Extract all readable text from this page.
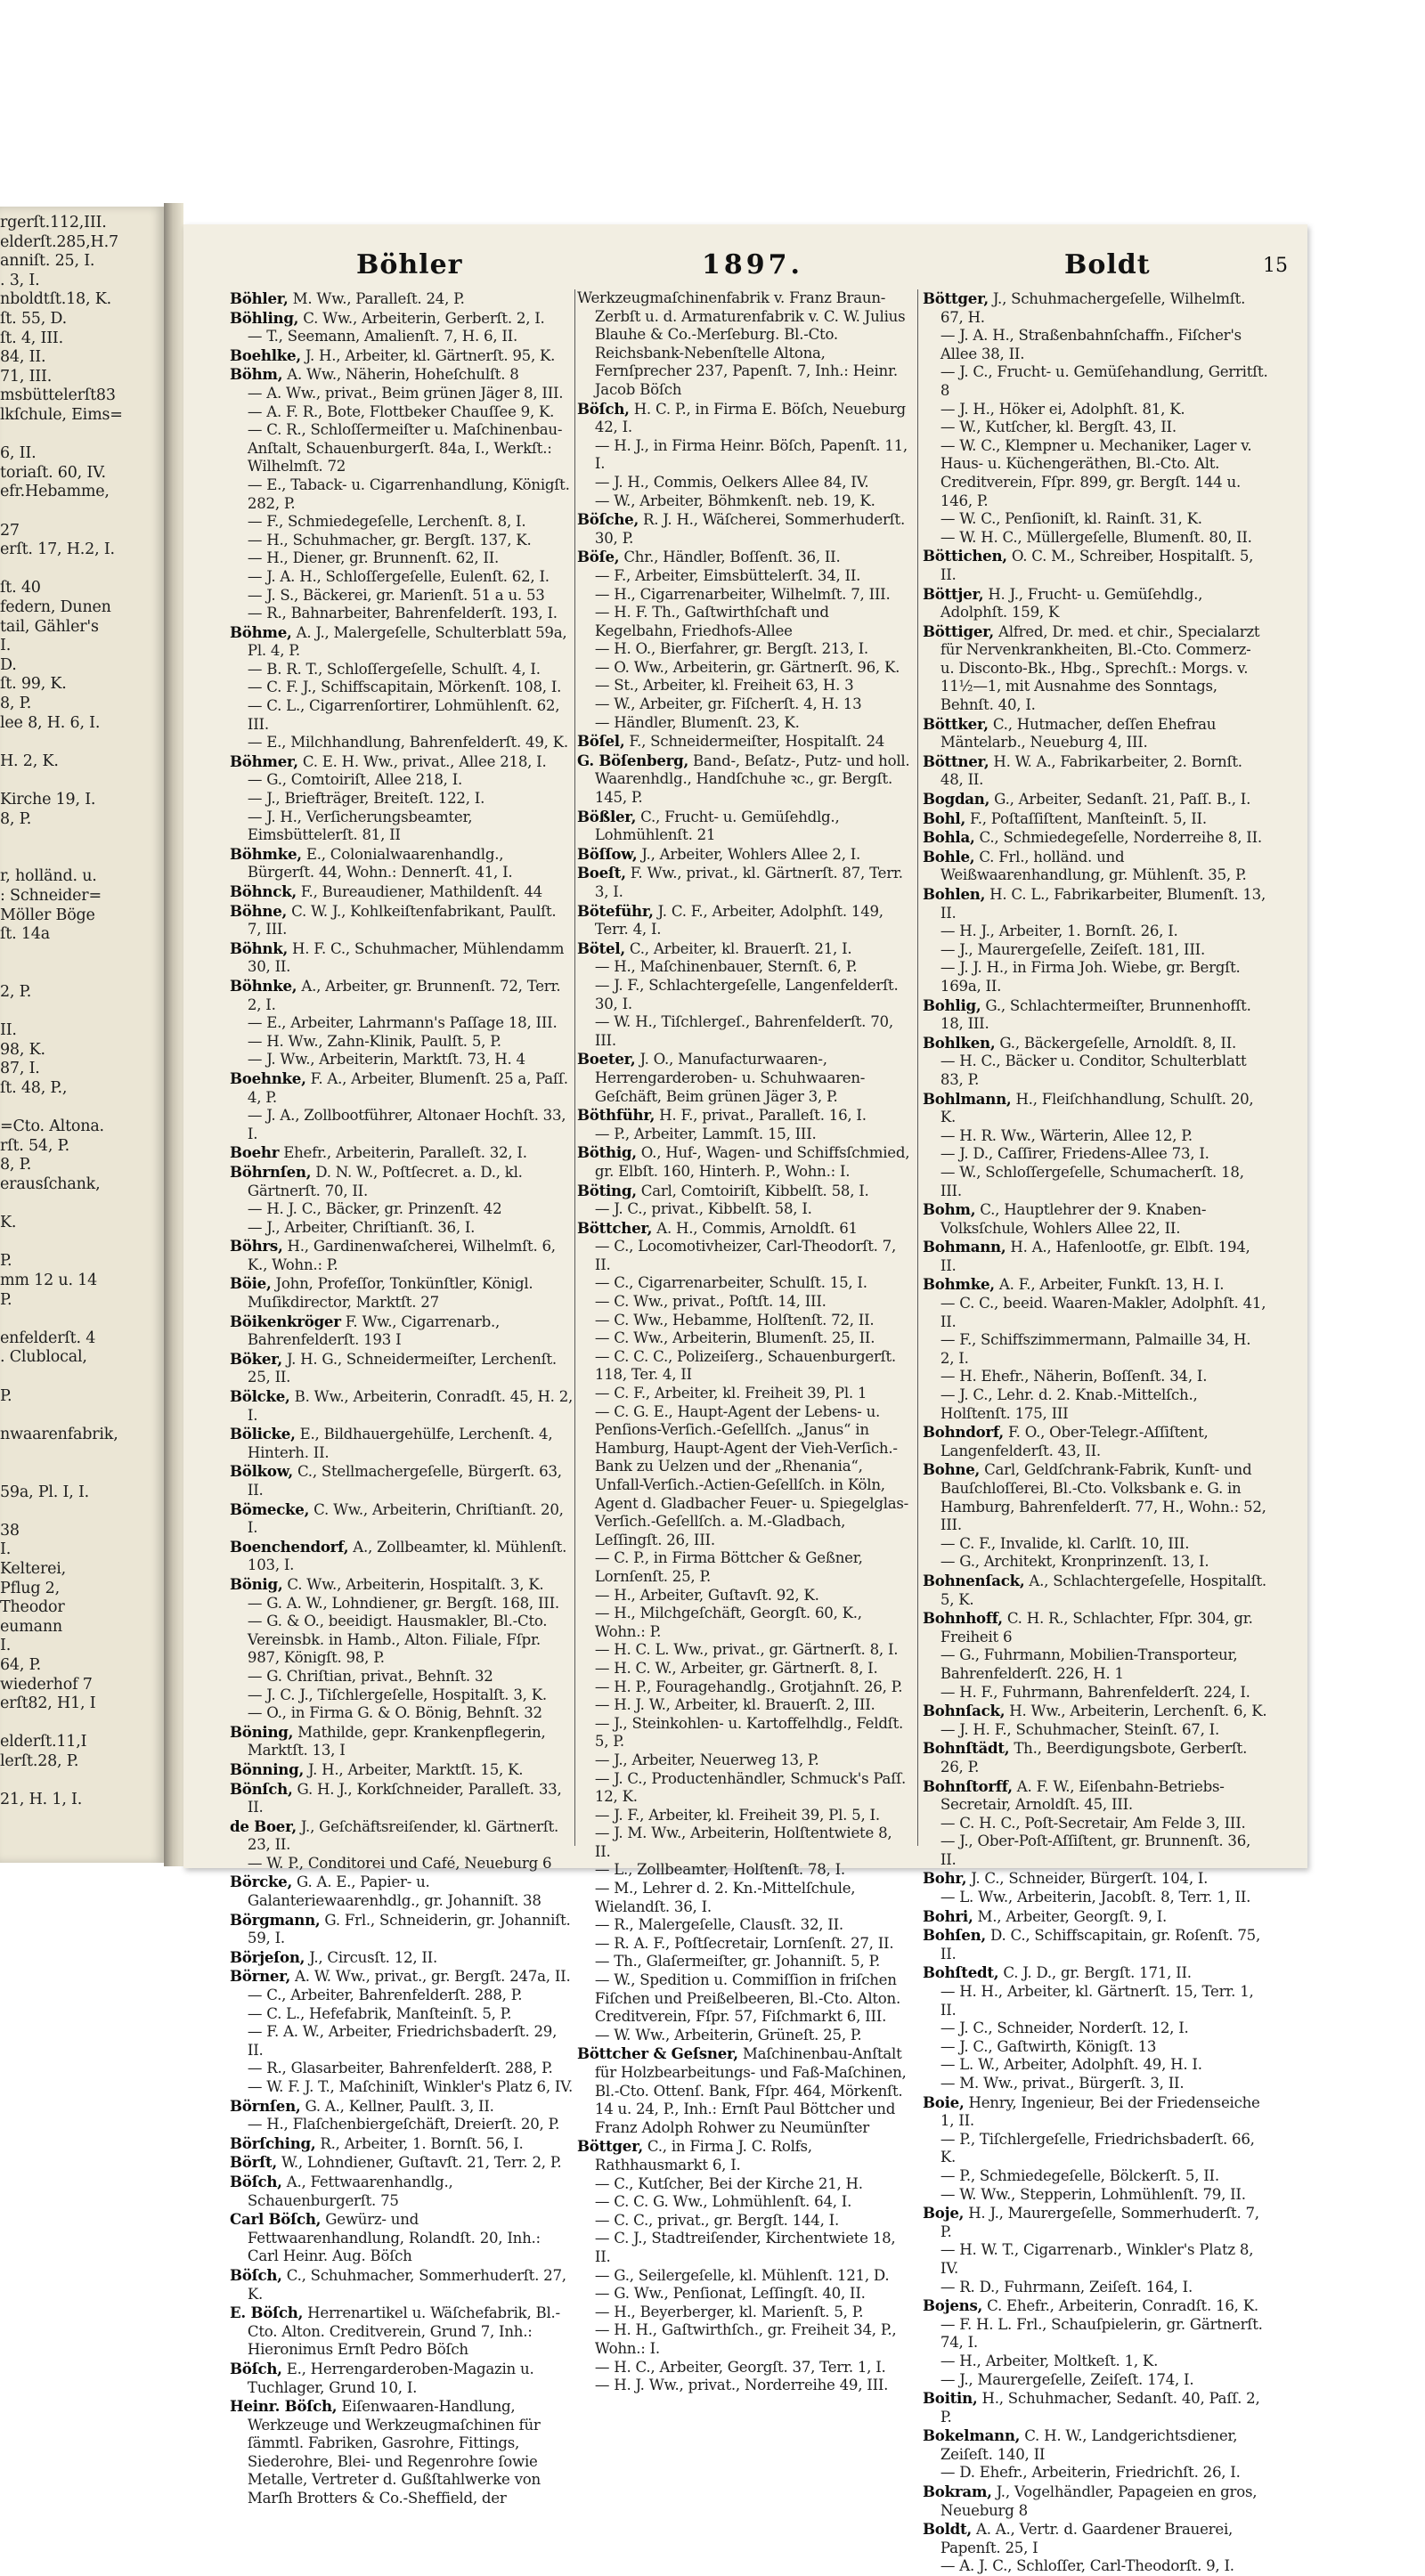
rgerſt.112,III.
elderſt.285,H.7
anniſt. 25, I.
. 3, I.
nboldtſt.18, K.
ſt. 55, D.
ſt. 4, III.
84, II.
71, III.
msbüttelerſt83
lkſchule, Eims=
6, II.
toriaſt. 60, IV.
efr.Hebamme,
27
erſt. 17, H.2, I.
ſt. 40
federn, Dunen
tail, Gähler's
I.
D.
ſt. 99, K.
8, P.
lee 8, H. 6, I.
H. 2, K.
Kirche 19, I.
8, P.
r, holländ. u.
: Schneider=
Möller Böge
ſt. 14a
2, P.
II.
98, K.
87, I.
ſt. 48, P.,
=Cto. Altona.
rſt. 54, P.
8, P.
erausſchank,
K.
P.
mm 12 u. 14
P.
enfelderſt. 4
. Clublocal,
P.
nwaarenfabrik,
59a, Pl. I, I.
38
I.
Kelterei,
Pflug 2,
Theodor
eumann
I.
64, P.
wiederhof 7
erſt82, H1, I
elderſt.11,I
lerſt.28, P.
21, H. 1, I.
Böhler	1897.	Boldt	15

Böhler, M. Ww., Paralleſt. 24, P.

Böhling, C. Ww., Arbeiterin, Gerberſt. 2, I.
— T., Seemann, Amalienſt. 7, H. 6, II.

Boehlke, J. H., Arbeiter, kl. Gärtnerſt. 95, K.

Böhm, A. Ww., Näherin, Hoheſchulſt. 8
— A. Ww., privat., Beim grünen Jäger 8, III.
— A. F. R., Bote, Flottbeker Chauſſee 9, K.
— C. R., Schloſſermeiſter u. Maſchinenbau-Anſtalt, Schauenburgerſt. 84a, I., Werkſt.: Wilhelmſt. 72
— E., Taback- u. Cigarrenhandlung, Königſt. 282, P.
— F., Schmiedegeſelle, Lerchenſt. 8, I.
— H., Schuhmacher, gr. Bergſt. 137, K.
— H., Diener, gr. Brunnenſt. 62, II.
— J. A. H., Schloſſergeſelle, Eulenſt. 62, I.
— J. S., Bäckerei, gr. Marienſt. 51 a u. 53
— R., Bahnarbeiter, Bahrenfelderſt. 193, I.

Böhme, A. J., Malergeſelle, Schulterblatt 59a, Pl. 4, P.
— B. R. T., Schloſſergeſelle, Schulſt. 4, I.
— C. F. J., Schiffscapitain, Mörkenſt. 108, I.
— C. L., Cigarrenſortirer, Lohmühlenſt. 62, III.
— E., Milchhandlung, Bahrenfelderſt. 49, K.

Böhmer, C. E. H. Ww., privat., Allee 218, I.
— G., Comtoiriſt, Allee 218, I.
— J., Briefträger, Breiteſt. 122, I.
— J. H., Verſicherungsbeamter, Eimsbüttelerſt. 81, II

Böhmke, E., Colonialwaarenhandlg., Bürgerſt. 44, Wohn.: Dennerſt. 41, I.

Böhnck, F., Bureaudiener, Mathildenſt. 44

Böhne, C. W. J., Kohlkeiſtenfabrikant, Paulſt. 7, III.

Böhnk, H. F. C., Schuhmacher, Mühlendamm 30, II.

Böhnke, A., Arbeiter, gr. Brunnenſt. 72, Terr. 2, I.
— E., Arbeiter, Lahrmann's Paſſage 18, III.
— H. Ww., Zahn-Klinik, Paulſt. 5, P.
— J. Ww., Arbeiterin, Marktſt. 73, H. 4

Boehnke, F. A., Arbeiter, Blumenſt. 25 a, Paſſ. 4, P.
— J. A., Zollbootführer, Altonaer Hochſt. 33, I.

Boehr Ehefr., Arbeiterin, Paralleſt. 32, I.

Böhrnſen, D. N. W., Poſtſecret. a. D., kl. Gärtnerſt. 70, II.
— H. J. C., Bäcker, gr. Prinzenſt. 42
— J., Arbeiter, Chriſtianſt. 36, I.

Böhrs, H., Gardinenwaſcherei, Wilhelmſt. 6, K., Wohn.: P.

Böie, John, Profeſſor, Tonkünſtler, Königl. Muſikdirector, Marktſt. 27

Böikenkröger F. Ww., Cigarrenarb., Bahrenfelderſt. 193 I

Böker, J. H. G., Schneidermeiſter, Lerchenſt. 25, II.

Bölcke, B. Ww., Arbeiterin, Conradſt. 45, H. 2, I.

Bölicke, E., Bildhauergehülfe, Lerchenſt. 4, Hinterh. II.

Bölkow, C., Stellmachergeſelle, Bürgerſt. 63, II.

Bömecke, C. Ww., Arbeiterin, Chriſtianſt. 20, I.

Boenchendorf, A., Zollbeamter, kl. Mühlenſt. 103, I.

Bönig, C. Ww., Arbeiterin, Hospitalſt. 3, K.
— G. A. W., Lohndiener, gr. Bergſt. 168, III.
— G. & O., beeidigt. Hausmakler, Bl.-Cto. Vereinsbk. in Hamb., Alton. Filiale, Fſpr. 987, Königſt. 98, P.
— G. Chriſtian, privat., Behnſt. 32
— J. C. J., Tiſchlergeſelle, Hospitalſt. 3, K.
— O., in Firma G. & O. Bönig, Behnſt. 32

Böning, Mathilde, gepr. Krankenpflegerin, Marktſt. 13, I

Bönning, J. H., Arbeiter, Marktſt. 15, K.

Bönſch, G. H. J., Korkſchneider, Paralleſt. 33, II.

de Boer, J., Geſchäftsreiſender, kl. Gärtnerſt. 23, II.
— W. P., Conditorei und Café, Neueburg 6

Börcke, G. A. E., Papier- u. Galanteriewaarenhdlg., gr. Johanniſt. 38

Börgmann, G. Frl., Schneiderin, gr. Johanniſt. 59, I.

Börjeſon, J., Circusſt. 12, II.

Börner, A. W. Ww., privat., gr. Bergſt. 247a, II.
— C., Arbeiter, Bahrenfelderſt. 288, P.
— C. L., Hefefabrik, Manſteinſt. 5, P.
— F. A. W., Arbeiter, Friedrichsbaderſt. 29, II.
— R., Glasarbeiter, Bahrenfelderſt. 288, P.
— W. F. J. T., Maſchiniſt, Winkler's Platz 6, IV.

Börnſen, G. A., Kellner, Paulſt. 3, II.
— H., Flaſchenbiergeſchäft, Dreierſt. 20, P.

Börſching, R., Arbeiter, 1. Bornſt. 56, I.

Börſt, W., Lohndiener, Guſtavſt. 21, Terr. 2, P.

Böſch, A., Fettwaarenhandlg., Schauenburgerſt. 75

Carl Böſch, Gewürz- und Fettwaarenhandlung, Rolandſt. 20, Inh.: Carl Heinr. Aug. Böſch

Böſch, C., Schuhmacher, Sommerhuderſt. 27, K.

E. Böſch, Herrenartikel u. Wäſchefabrik, Bl.-Cto. Alton. Creditverein, Grund 7, Inh.: Hieronimus Ernſt Pedro Böſch

Böſch, E., Herrengarderoben-Magazin u. Tuchlager, Grund 10, I.

Heinr. Böſch, Eiſenwaaren-Handlung, Werkzeuge und Werkzeugmaſchinen für ſämmtl. Fabriken, Gasrohre, Fittings, Siederohre, Blei- und Regenrohre ſowie Metalle, Vertreter d. Gußſtahlwerke von Marſh Brotters & Co.-Sheffield, der

Werkzeugmaſchinenfabrik v. Franz Braun-Zerbſt u. d. Armaturenfabrik v. C. W. Julius Blauhe & Co.-Merſeburg. Bl.-Cto. Reichsbank-Nebenſtelle Altona, Fernſprecher 237, Papenſt. 7, Inh.: Heinr. Jacob Böſch

Böſch, H. C. P., in Firma E. Böſch, Neueburg 42, I.
— H. J., in Firma Heinr. Böſch, Papenſt. 11, I.
— J. H., Commis, Oelkers Allee 84, IV.
— W., Arbeiter, Böhmkenſt. neb. 19, K.

Böſche, R. J. H., Wäſcherei, Sommerhuderſt. 30, P.

Böſe, Chr., Händler, Boſſenſt. 36, II.
— F., Arbeiter, Eimsbüttelerſt. 34, II.
— H., Cigarrenarbeiter, Wilhelmſt. 7, III.
— H. F. Th., Gaſtwirthſchaft und Kegelbahn, Friedhofs-Allee
— H. O., Bierfahrer, gr. Bergſt. 213, I.
— O. Ww., Arbeiterin, gr. Gärtnerſt. 96, K.
— St., Arbeiter, kl. Freiheit 63, H. 3
— W., Arbeiter, gr. Fiſcherſt. 4, H. 13
— Händler, Blumenſt. 23, K.

Böſel, F., Schneidermeiſter, Hospitalſt. 24

G. Böſenberg, Band-, Beſatz-, Putz- und holl. Waarenhdlg., Handſchuhe ꝛc., gr. Bergſt. 145, P.

Bößler, C., Frucht- u. Gemüſehdlg., Lohmühlenſt. 21

Böſſow, J., Arbeiter, Wohlers Allee 2, I.

Boeſt, F. Ww., privat., kl. Gärtnerſt. 87, Terr. 3, I.

Böteführ, J. C. F., Arbeiter, Adolphſt. 149, Terr. 4, I.

Bötel, C., Arbeiter, kl. Brauerſt. 21, I.
— H., Maſchinenbauer, Sternſt. 6, P.
— J. F., Schlachtergeſelle, Langenfelderſt. 30, I.
— W. H., Tiſchlergeſ., Bahrenfelderſt. 70, III.

Boeter, J. O., Manufacturwaaren-, Herrengarderoben- u. Schuhwaaren-Geſchäft, Beim grünen Jäger 3, P.

Böthführ, H. F., privat., Paralleſt. 16, I.
— P., Arbeiter, Lammſt. 15, III.

Böthig, O., Huf-, Wagen- und Schiffsſchmied, gr. Elbſt. 160, Hinterh. P., Wohn.: I.

Böting, Carl, Comtoiriſt, Kibbelſt. 58, I.
— J. C., privat., Kibbelſt. 58, I.

Böttcher, A. H., Commis, Arnoldſt. 61
— C., Locomotivheizer, Carl-Theodorſt. 7, II.
— C., Cigarrenarbeiter, Schulſt. 15, I.
— C. Ww., privat., Poſtſt. 14, III.
— C. Ww., Hebamme, Holſtenſt. 72, II.
— C. Ww., Arbeiterin, Blumenſt. 25, II.
— C. C. C., Polizeiſerg., Schauenburgerſt. 118, Ter. 4, II
— C. F., Arbeiter, kl. Freiheit 39, Pl. 1
— C. G. E., Haupt-Agent der Lebens- u. Penſions-Verſich.-Geſellſch. „Janus“ in Hamburg, Haupt-Agent der Vieh-Verſich.-Bank zu Uelzen und der „Rhenania“, Unfall-Verſich.-Actien-Geſellſch. in Köln, Agent d. Gladbacher Feuer- u. Spiegelglas-Verſich.-Geſellſch. a. M.-Gladbach, Leſſingſt. 26, III.
— C. P., in Firma Böttcher & Geßner, Lornſenſt. 25, P.
— H., Arbeiter, Guſtavſt. 92, K.
— H., Milchgeſchäft, Georgſt. 60, K., Wohn.: P.
— H. C. L. Ww., privat., gr. Gärtnerſt. 8, I.
— H. C. W., Arbeiter, gr. Gärtnerſt. 8, I.
— H. P., Fouragehandlg., Grotjahnſt. 26, P.
— H. J. W., Arbeiter, kl. Brauerſt. 2, III.
— J., Steinkohlen- u. Kartoffelhdlg., Feldſt. 5, P.
— J., Arbeiter, Neuerweg 13, P.
— J. C., Productenhändler, Schmuck's Paſſ. 12, K.
— J. F., Arbeiter, kl. Freiheit 39, Pl. 5, I.
— J. M. Ww., Arbeiterin, Holſtentwiete 8, II.
— L., Zollbeamter, Holſtenſt. 78, I.
— M., Lehrer d. 2. Kn.-Mittelſchule, Wielandſt. 36, I.
— R., Malergeſelle, Clausſt. 32, II.
— R. A. F., Poſtſecretair, Lornſenſt. 27, II.
— Th., Glaſermeiſter, gr. Johanniſt. 5, P.
— W., Spedition u. Commiſſion in friſchen Fiſchen und Preißelbeeren, Bl.-Cto. Alton. Creditverein, Fſpr. 57, Fiſchmarkt 6, III.
— W. Ww., Arbeiterin, Grüneſt. 25, P.

Böttcher & Geſsner, Maſchinenbau-Anſtalt für Holzbearbeitungs- und Faß-Maſchinen, Bl.-Cto. Ottenſ. Bank, Fſpr. 464, Mörkenſt. 14 u. 24, P., Inh.: Ernſt Paul Böttcher und Franz Adolph Rohwer zu Neumünſter

Böttger, C., in Firma J. C. Rolfs, Rathhausmarkt 6, I.
— C., Kutſcher, Bei der Kirche 21, H.
— C. C. G. Ww., Lohmühlenſt. 64, I.
— C. C., privat., gr. Bergſt. 144, I.
— C. J., Stadtreiſender, Kirchentwiete 18, II.
— G., Seilergeſelle, kl. Mühlenſt. 121, D.
— G. Ww., Penſionat, Leſſingſt. 40, II.
— H., Beyerberger, kl. Marienſt. 5, P.
— H. H., Gaſtwirthſch., gr. Freiheit 34, P., Wohn.: I.
— H. C., Arbeiter, Georgſt. 37, Terr. 1, I.
— H. J. Ww., privat., Norderreihe 49, III.

Böttger, J., Schuhmachergeſelle, Wilhelmſt. 67, H.
— J. A. H., Straßenbahnſchaffn., Fiſcher's Allee 38, II.
— J. C., Frucht- u. Gemüſehandlung, Gerritſt. 8
— J. H., Höker ei, Adolphſt. 81, K.
— W., Kutſcher, kl. Bergſt. 43, II.
— W. C., Klempner u. Mechaniker, Lager v. Haus- u. Küchengeräthen, Bl.-Cto. Alt. Creditverein, Fſpr. 899, gr. Bergſt. 144 u. 146, P.
— W. C., Penſioniſt, kl. Rainſt. 31, K.
— W. H. C., Müllergeſelle, Blumenſt. 80, II.

Böttichen, O. C. M., Schreiber, Hospitalſt. 5, II.

Böttjer, H. J., Frucht- u. Gemüſehdlg., Adolphſt. 159, K

Böttiger, Alfred, Dr. med. et chir., Specialarzt für Nervenkrankheiten, Bl.-Cto. Commerz- u. Discontо-Bk., Hbg., Sprechſt.: Morgs. v. 11½—1, mit Ausnahme des Sonntags, Behnſt. 40, I.

Böttker, C., Hutmacher, deſſen Ehefrau Mäntelarb., Neueburg 4, III.

Böttner, H. W. A., Fabrikarbeiter, 2. Bornſt. 48, II.

Bogdan, G., Arbeiter, Sedanſt. 21, Paſſ. B., I.

Bohl, F., Poſtaſſiſtent, Manſteinſt. 5, II.

Bohla, C., Schmiedegeſelle, Norderreihe 8, II.

Bohle, C. Frl., holländ. und Weißwaarenhandlung, gr. Mühlenſt. 35, P.

Bohlen, H. C. L., Fabrikarbeiter, Blumenſt. 13, II.
— H. J., Arbeiter, 1. Bornſt. 26, I.
— J., Maurergeſelle, Zeiſeſt. 181, III.
— J. J. H., in Firma Joh. Wiebe, gr. Bergſt. 169a, II.

Bohlig, G., Schlachtermeiſter, Brunnenhofſt. 18, III.

Bohlken, G., Bäckergeſelle, Arnoldſt. 8, II.
— H. C., Bäcker u. Conditor, Schulterblatt 83, P.

Bohlmann, H., Fleiſchhandlung, Schulſt. 20, K.
— H. R. Ww., Wärterin, Allee 12, P.
— J. D., Caſſirer, Friedens-Allee 73, I.
— W., Schloſſergeſelle, Schumacherſt. 18, III.

Bohm, C., Hauptlehrer der 9. Knaben-Volksſchule, Wohlers Allee 22, II.

Bohmann, H. A., Hafenlootſe, gr. Elbſt. 194, II.

Bohmke, A. F., Arbeiter, Funkſt. 13, H. I.
— C. C., beeid. Waaren-Makler, Adolphſt. 41, II.
— F., Schiffszimmermann, Palmaille 34, H. 2, I.
— H. Ehefr., Näherin, Boſſenſt. 34, I.
— J. C., Lehr. d. 2. Knab.-Mittelſch., Holſtenſt. 175, III

Bohndorf, F. O., Ober-Telegr.-Aſſiſtent, Langenfelderſt. 43, II.

Bohne, Carl, Geldſchrank-Fabrik, Kunſt- und Bauſchloſſerei, Bl.-Cto. Volksbank e. G. in Hamburg, Bahrenfelderſt. 77, H., Wohn.: 52, III.
— C. F., Invalide, kl. Carlſt. 10, III.
— G., Architekt, Kronprinzenſt. 13, I.

Bohnenſack, A., Schlachtergeſelle, Hospitalſt. 5, K.

Bohnhoff, C. H. R., Schlachter, Fſpr. 304, gr. Freiheit 6
— G., Fuhrmann, Mobilien-Transporteur, Bahrenfelderſt. 226, H. 1
— H. F., Fuhrmann, Bahrenfelderſt. 224, I.

Bohnſack, H. Ww., Arbeiterin, Lerchenſt. 6, K.
— J. H. F., Schuhmacher, Steinſt. 67, I.

Bohnſtädt, Th., Beerdigungsbote, Gerberſt. 26, P.

Bohnſtorff, A. F. W., Eiſenbahn-Betriebs-Secretair, Arnoldſt. 45, III.
— C. H. C., Poſt-Secretair, Am Felde 3, III.
— J., Ober-Poſt-Aſſiſtent, gr. Brunnenſt. 36, II.

Bohr, J. C., Schneider, Bürgerſt. 104, I.
— L. Ww., Arbeiterin, Jacobſt. 8, Terr. 1, II.

Bohri, M., Arbeiter, Georgſt. 9, I.

Bohſen, D. C., Schiffscapitain, gr. Roſenſt. 75, II.

Bohſtedt, C. J. D., gr. Bergſt. 171, II.
— H. H., Arbeiter, kl. Gärtnerſt. 15, Terr. 1, II.
— J. C., Schneider, Norderſt. 12, I.
— J. C., Gaſtwirth, Königſt. 13
— L. W., Arbeiter, Adolphſt. 49, H. I.
— M. Ww., privat., Bürgerſt. 3, II.

Boie, Henry, Ingenieur, Bei der Friedenseiche 1, II.
— P., Tiſchlergeſelle, Friedrichsbaderſt. 66, K.
— P., Schmiedegeſelle, Bölckerſt. 5, II.
— W. Ww., Stepperin, Lohmühlenſt. 79, II.

Boje, H. J., Maurergeſelle, Sommerhuderſt. 7, P.
— H. W. T., Cigarrenarb., Winkler's Platz 8, IV.
— R. D., Fuhrmann, Zeiſeſt. 164, I.

Bojens, C. Ehefr., Arbeiterin, Conradſt. 16, K.
— F. H. L. Frl., Schauſpielerin, gr. Gärtnerſt. 74, I.
— H., Arbeiter, Moltkeſt. 1, K.
— J., Maurergeſelle, Zeiſeſt. 174, I.

Boitin, H., Schuhmacher, Sedanſt. 40, Paſſ. 2, P.

Bokelmann, C. H. W., Landgerichtsdiener, Zeiſeſt. 140, II
— D. Ehefr., Arbeiterin, Friedrichſt. 26, I.

Bokram, J., Vogelhändler, Papageien en gros, Neueburg 8

Boldt, A. A., Vertr. d. Gaardener Brauerei, Papenſt. 25, I
— A. J. C., Schloſſer, Carl-Theodorſt. 9, I.
